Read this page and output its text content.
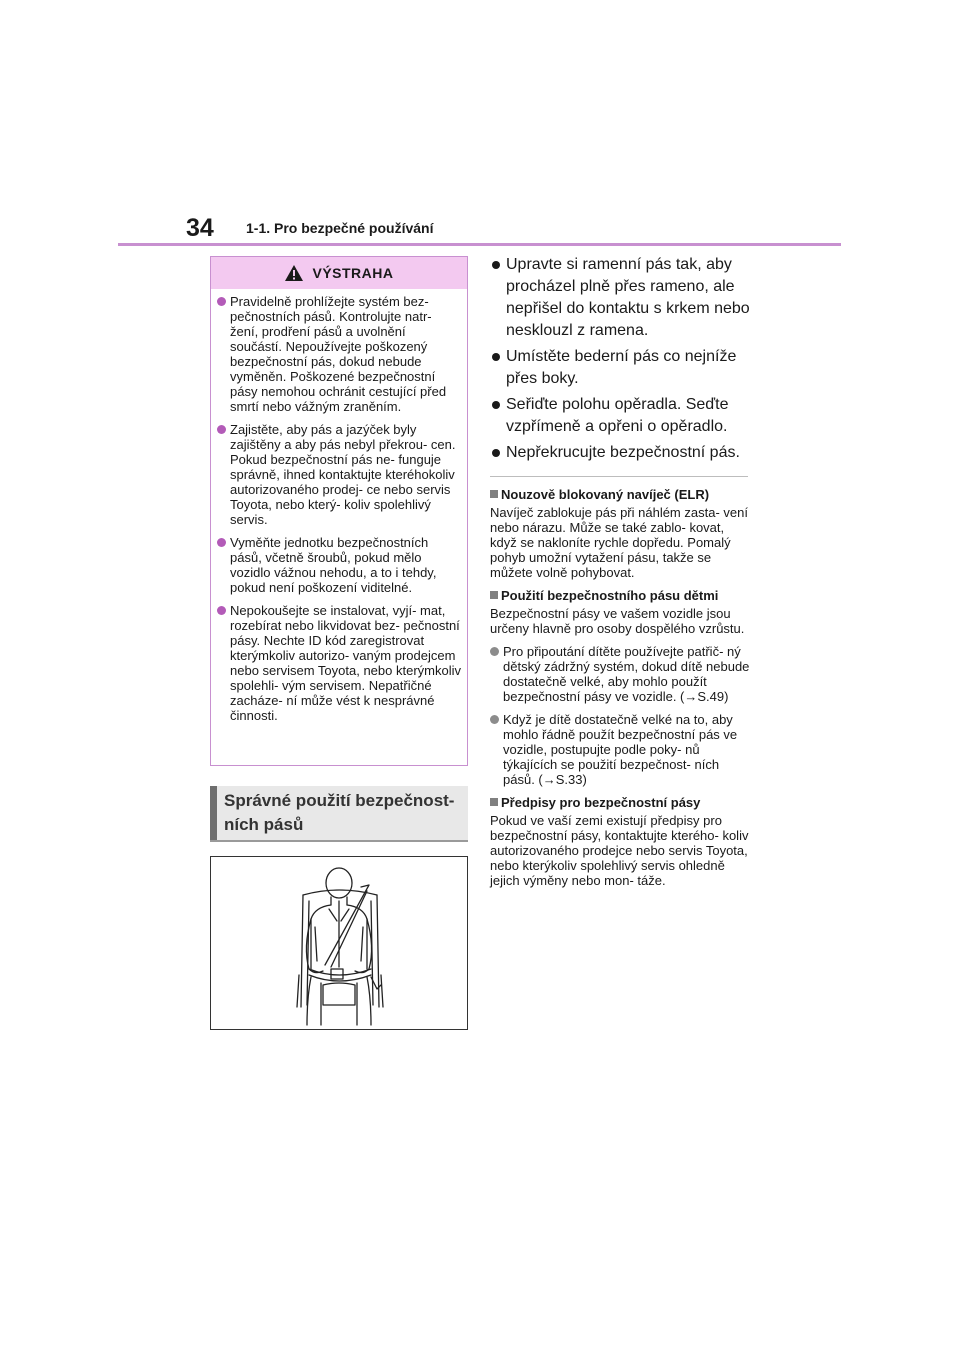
34 1-1. Pro bezpečné používání
VÝSTRAHA
Pravidelně prohlížejte systém bez- pečnostních pásů. Kontrolujte natr- žení, prodření pásů a uvolnění součástí. Nepoužívejte poškozený bezpečnostní pás, dokud nebude vyměněn. Poškozené bezpečnostní pásy nemohou ochránit cestující před smrtí nebo vážným zraněním.
Zajistěte, aby pás a jazýček byly zajištěny a aby pás nebyl překrou- cen. Pokud bezpečnostní pás ne- funguje správně, ihned kontaktujte kteréhokoliv autorizovaného prodej- ce nebo servis Toyota, nebo který- koliv spolehlivý servis.
Vyměňte jednotku bezpečnostních pásů, včetně šroubů, pokud mělo vozidlo vážnou nehodu, a to i tehdy, pokud není poškození viditelné.
Nepokoušejte se instalovat, vyjí- mat, rozebírat nebo likvidovat bez- pečnostní pásy. Nechte ID kód zaregistrovat kterýmkoliv autorizo- vaným prodejcem nebo servisem Toyota, nebo kterýmkoliv spolehli- vým servisem. Nepatřičné zacháze- ní může vést k nesprávné činnosti.
Správné použití bezpečnost- ních pásů
Upravte si ramenní pás tak, aby procházel plně přes rameno, ale nepřišel do kontaktu s krkem nebo nesklouzl z ramena.
Umístěte bederní pás co nejníže přes boky.
Seřiďte polohu opěradla. Seďte vzpřímeně a opřeni o opěradlo.
Nepřekrucujte bezpečnostní pás.
Nouzově blokovaný navíječ (ELR)
Navíječ zablokuje pás při náhlém zasta- vení nebo nárazu. Může se také zablo- kovat, když se nakloníte rychle dopředu. Pomalý pohyb umožní vytažení pásu, takže se můžete volně pohybovat.
Použití bezpečnostního pásu dětmi
Bezpečnostní pásy ve vašem vozidle jsou určeny hlavně pro osoby dospělého vzrůstu.
Pro připoutání dítěte používejte patřič- ný dětský zádržný systém, dokud dítě nebude dostatečně velké, aby mohlo použít bezpečnostní pásy ve vozidle. (→S.49)
Když je dítě dostatečně velké na to, aby mohlo řádně použít bezpečnostní pás ve vozidle, postupujte podle poky- nů týkajících se použití bezpečnost- ních pásů. (→S.33)
Předpisy pro bezpečnostní pásy
Pokud ve vaší zemi existují předpisy pro bezpečnostní pásy, kontaktujte kterého- koliv autorizovaného prodejce nebo servis Toyota, nebo kterýkoliv spolehlivý servis ohledně jejich výměny nebo mon- táže.
